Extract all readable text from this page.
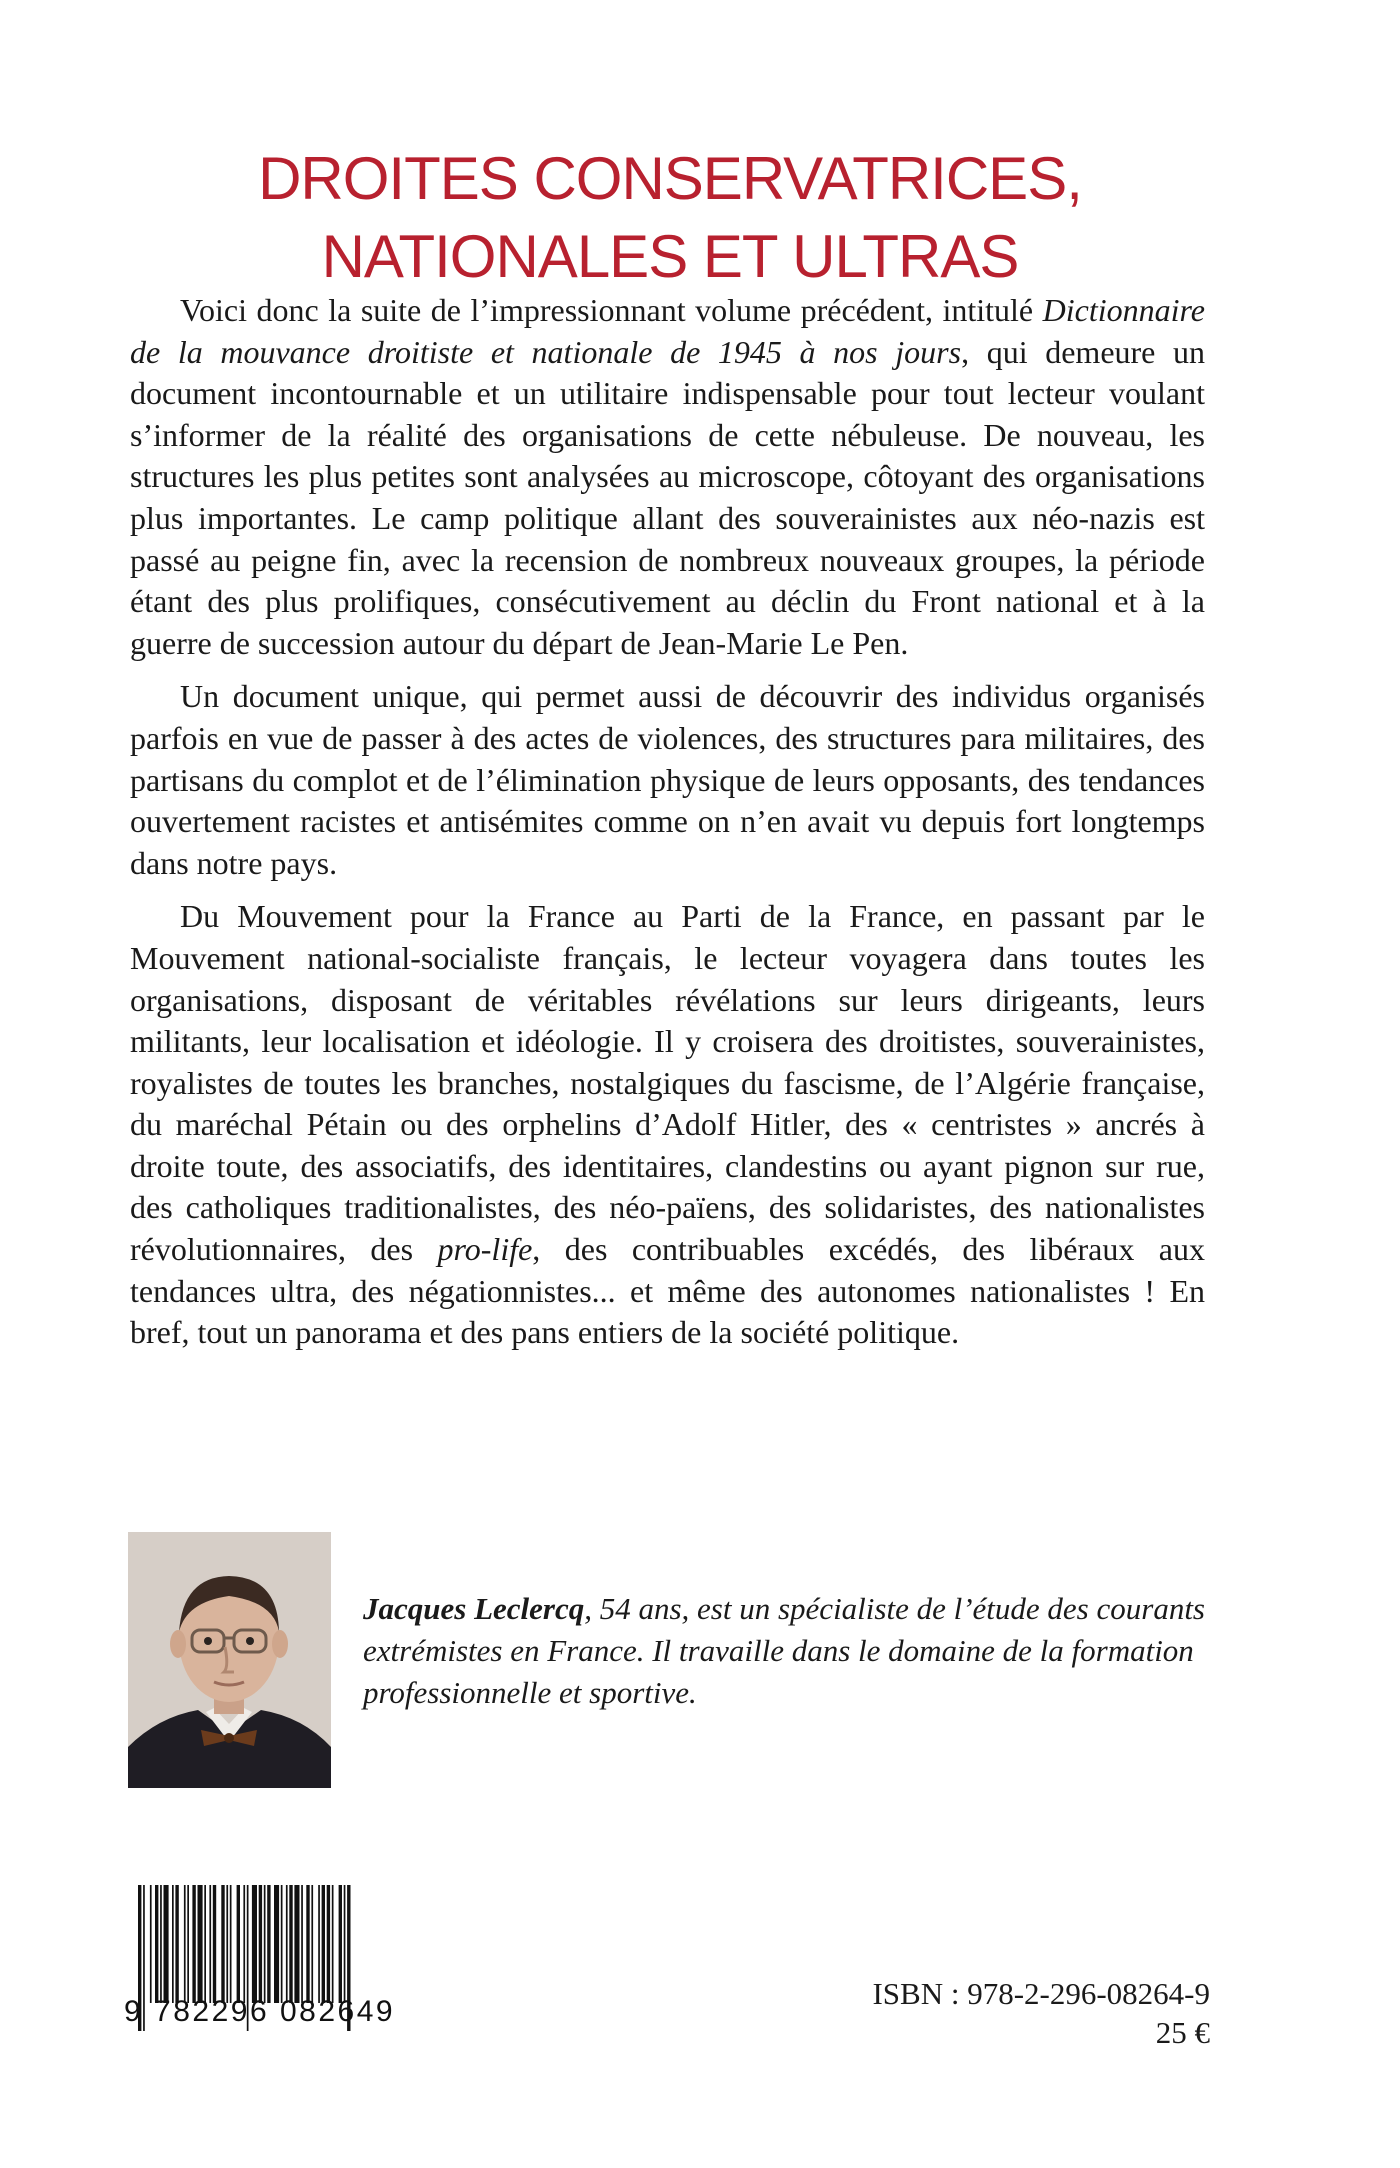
DROITES CONSERVATRICES,
NATIONALES ET ULTRAS

Voici donc la suite de l’impressionnant volume précédent, intitulé Dictionnaire de la mouvance droitiste et nationale de 1945 à nos jours, qui demeure un document incontournable et un utilitaire indispensable pour tout lecteur voulant s’informer de la réalité des organisations de cette nébuleuse. De nouveau, les structures les plus petites sont analysées au microscope, côtoyant des organisations plus importantes. Le camp politique allant des souverainistes aux néo-nazis est passé au peigne fin, avec la recension de nombreux nouveaux groupes, la période étant des plus prolifiques, consécutivement au déclin du Front national et à la guerre de succession autour du départ de Jean-Marie Le Pen.

Un document unique, qui permet aussi de découvrir des individus organisés parfois en vue de passer à des actes de violences, des structures para militaires, des partisans du complot et de l’élimination physique de leurs opposants, des tendances ouvertement racistes et antisémites comme on n’en avait vu depuis fort longtemps dans notre pays.

Du Mouvement pour la France au Parti de la France, en passant par le Mouvement national-socialiste français, le lecteur voyagera dans toutes les organisations, disposant de véritables révélations sur leurs dirigeants, leurs militants, leur localisation et idéologie. Il y croisera des droitistes, souverainistes, royalistes de toutes les branches, nostalgiques du fascisme, de l’Algérie française, du maréchal Pétain ou des orphelins d’Adolf Hitler, des « centristes » ancrés à droite toute, des associatifs, des identitaires, clandestins ou ayant pignon sur rue, des catholiques traditionalistes, des néo-païens, des solidaristes, des nationalistes révolutionnaires, des pro-life, des contribuables excédés, des libéraux aux tendances ultra, des négationnistes... et même des autonomes nationalistes ! En bref, tout un panorama et des pans entiers de la société politique.

Jacques Leclercq, 54 ans, est un spécialiste de l’étude des courants extrémistes en France. Il travaille dans le domaine de la formation professionnelle et sportive.
9 782296 082649
ISBN : 978-2-296-08264-9
25 €
